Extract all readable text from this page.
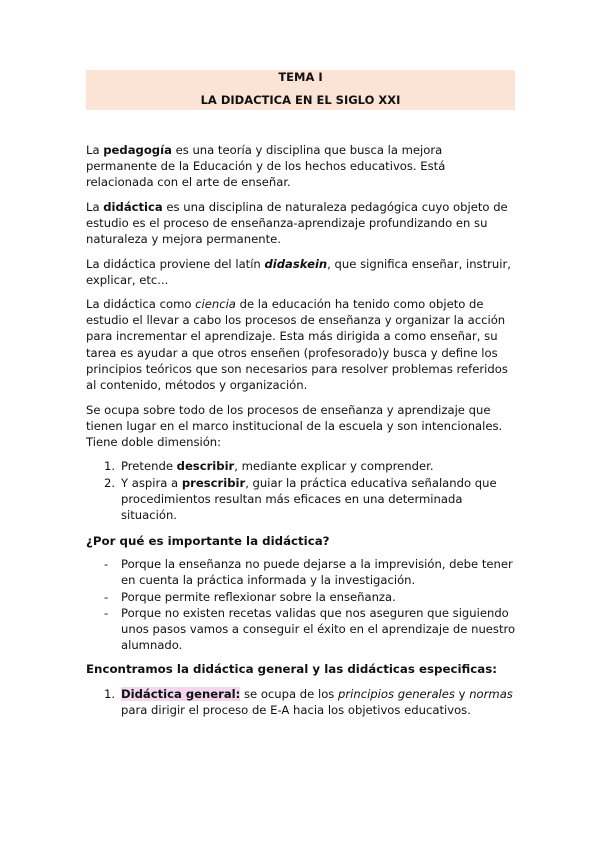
TEMA I
LA DIDACTICA EN EL SIGLO XXI

La pedagogía es una teoría y disciplina que busca la mejora permanente de la Educación y de los hechos educativos. Está relacionada con el arte de enseñar.

La didáctica es una disciplina de naturaleza pedagógica cuyo objeto de estudio es el proceso de enseñanza-aprendizaje profundizando en su naturaleza y mejora permanente.

La didáctica proviene del latín didaskein, que significa enseñar, instruir, explicar, etc...

La didáctica como ciencia de la educación ha tenido como objeto de estudio el llevar a cabo los procesos de enseñanza y organizar la acción para incrementar el aprendizaje. Esta más dirigida a como enseñar, su tarea es ayudar a que otros enseñen (profesorado)y busca y define los principios teóricos que son necesarios para resolver problemas referidos al contenido, métodos y organización.

Se ocupa sobre todo de los procesos de enseñanza y aprendizaje que tienen lugar en el marco institucional de la escuela y son intencionales. Tiene doble dimensión:

1. Pretende describir, mediante explicar y comprender.
2. Y aspira a prescribir, guiar la práctica educativa señalando que procedimientos resultan más eficaces en una determinada situación.

¿Por qué es importante la didáctica?

- Porque la enseñanza no puede dejarse a la imprevisión, debe tener en cuenta la práctica informada y la investigación.
- Porque permite reflexionar sobre la enseñanza.
- Porque no existen recetas validas que nos aseguren que siguiendo unos pasos vamos a conseguir el éxito en el aprendizaje de nuestro alumnado.

Encontramos la didáctica general y las didácticas especificas:

1. Didáctica general: se ocupa de los principios generales y normas para dirigir el proceso de E-A hacia los objetivos educativos.
